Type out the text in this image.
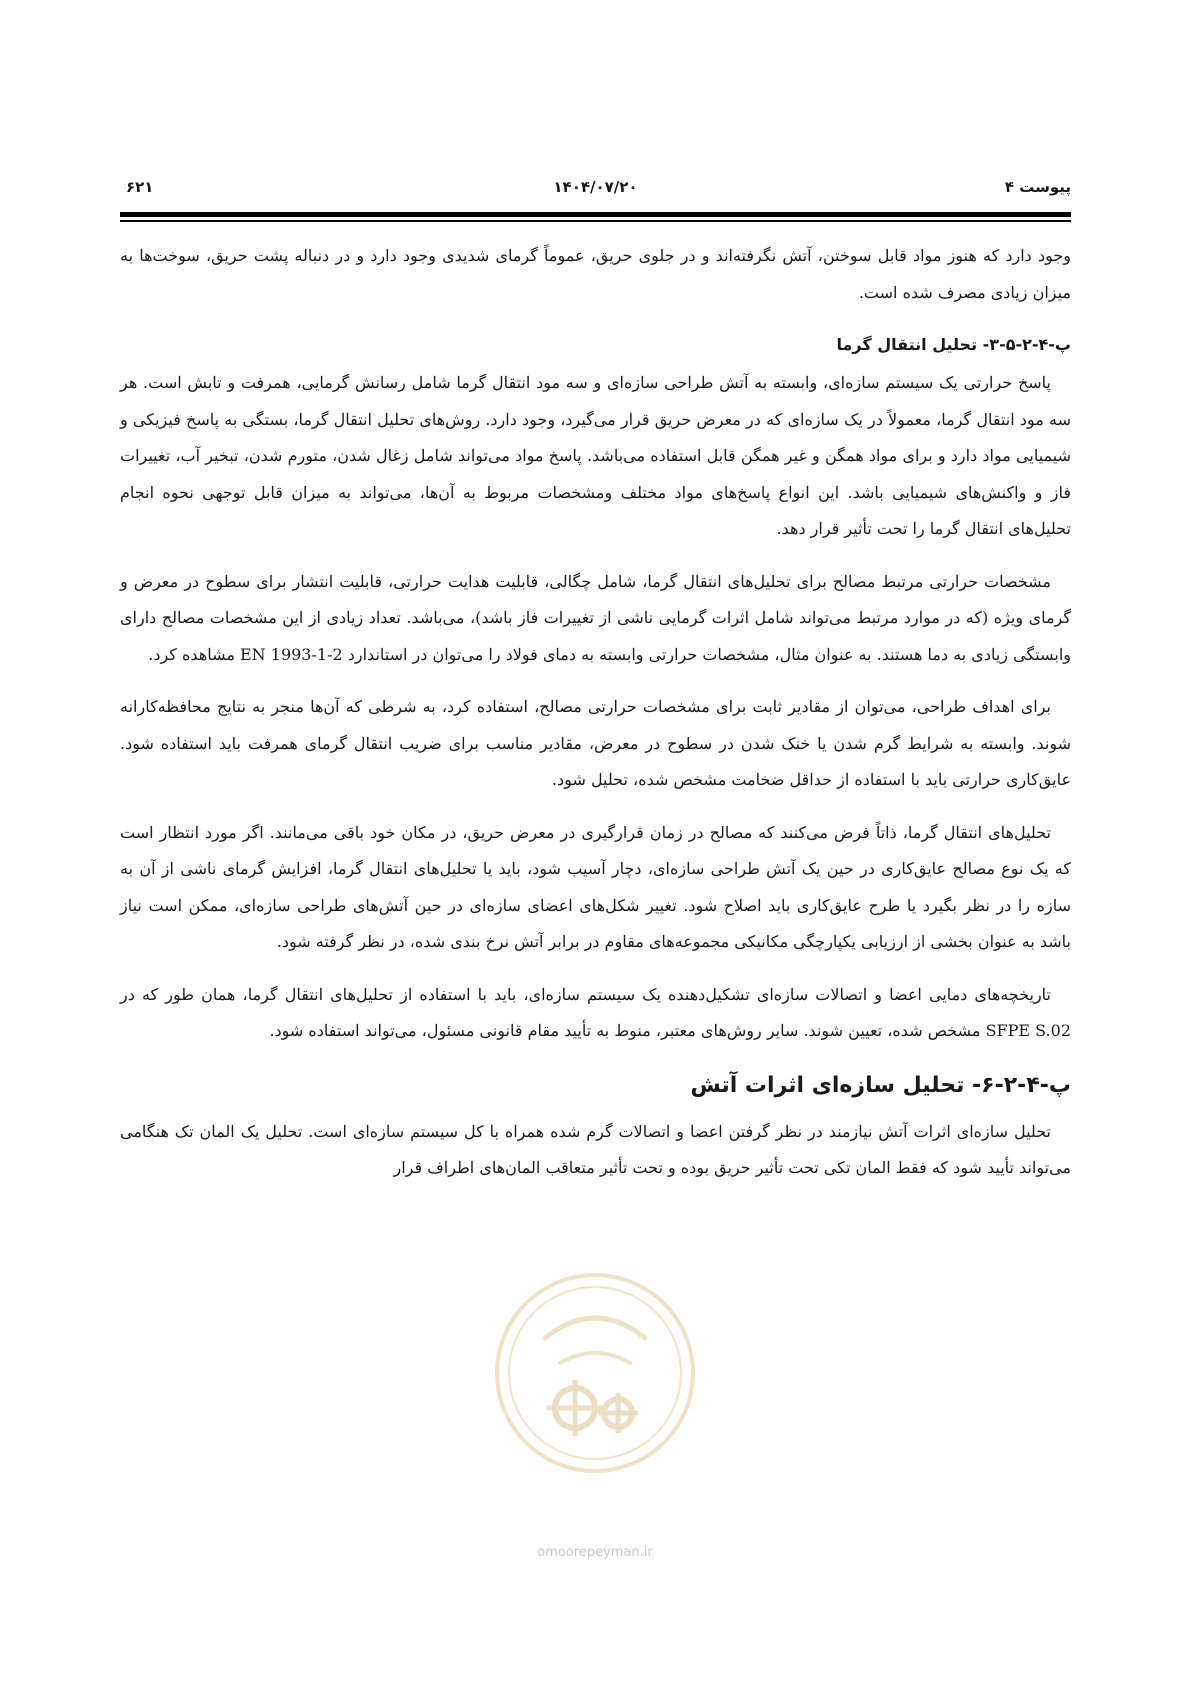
پیوست ۴
۱۴۰۴/۰۷/۲۰
۶۲۱

وجود دارد که هنوز مواد قابل سوختن، آتش نگرفته‌اند و در جلوی حریق، عموماً گرمای شدیدی وجود دارد و در دنباله پشت حریق، سوخت‌ها به میزان زیادی مصرف شده است.

پ-۴-۲-۵-۳- تحلیل انتقال گرما

پاسخ حرارتی یک سیستم سازه‌ای، وابسته به آتش طراحی سازه‌ای و سه مود انتقال گرما شامل رسانش گرمایی، همرفت و تابش است. هر سه مود انتقال گرما، معمولاً در یک سازه‌ای که در معرض حریق قرار می‌گیرد، وجود دارد. روش‌های تحلیل انتقال گرما، بستگی به پاسخ فیزیکی و شیمیایی مواد دارد و برای مواد همگن و غیر همگن قابل استفاده می‌باشد. پاسخ مواد می‌تواند شامل زغال شدن، متورم شدن، تبخیر آب، تغییرات فاز و واکنش‌های شیمیایی باشد. این انواع پاسخ‌های مواد مختلف ومشخصات مربوط به آن‌ها، می‌تواند به میزان قابل توجهی نحوه انجام تحلیل‌های انتقال گرما را تحت تأثیر قرار دهد.

مشخصات حرارتی مرتبط مصالح برای تحلیل‌های انتقال گرما، شامل چگالی، قابلیت هدایت حرارتی، قابلیت انتشار برای سطوح در معرض و گرمای ویژه (که در موارد مرتبط می‌تواند شامل اثرات گرمایی ناشی از تغییرات فاز باشد)، می‌باشد. تعداد زیادی از این مشخصات مصالح دارای وابستگی زیادی به دما هستند. به عنوان مثال، مشخصات حرارتی وابسته به دمای فولاد را می‌توان در استاندارد EN 1993-1-2 مشاهده کرد.

برای اهداف طراحی، می‌توان از مقادیر ثابت برای مشخصات حرارتی مصالح، استفاده کرد، به شرطی که آن‌ها منجر به نتایج محافظه‌کارانه شوند. وابسته به شرایط گرم شدن یا خنک شدن در سطوح در معرض، مقادیر مناسب برای ضریب انتقال گرمای همرفت باید استفاده شود. عایق‌کاری حرارتی باید با استفاده از حداقل ضخامت مشخص شده، تحلیل شود.

تحلیل‌های انتقال گرما، ذاتاً فرض می‌کنند که مصالح در زمان قرارگیری در معرض حریق، در مکان خود باقی می‌مانند. اگر مورد انتظار است که یک نوع مصالح عایق‌کاری در حین یک آتش طراحی سازه‌ای، دچار آسیب شود، باید یا تحلیل‌های انتقال گرما، افزایش گرمای ناشی از آن به سازه را در نظر بگیرد یا طرح عایق‌کاری باید اصلاح شود. تغییر شکل‌های اعضای سازه‌ای در حین آتش‌های طراحی سازه‌ای، ممکن است نیاز باشد به عنوان بخشی از ارزیابی یکپارچگی مکانیکی مجموعه‌های مقاوم در برابر آتش نرخ بندی شده، در نظر گرفته شود.

تاریخچه‌های دمایی اعضا و اتصالات سازه‌ای تشکیل‌دهنده یک سیستم سازه‌ای، باید با استفاده از تحلیل‌های انتقال گرما، همان طور که در SFPE S.02 مشخص شده، تعیین شوند. سایر روش‌های معتبر، منوط به تأیید مقام قانونی مسئول، می‌تواند استفاده شود.

پ-۴-۲-۶- تحلیل سازه‌ای اثرات آتش

تحلیل سازه‌ای اثرات آتش نیازمند در نظر گرفتن اعضا و اتصالات گرم شده همراه با کل سیستم سازه‌ای است. تحلیل یک المان تک هنگامی می‌تواند تأیید شود که فقط المان تکی تحت تأثیر حریق بوده و تحت تأثیر متعاقب المان‌های اطراف قرار

omoorepeyman.ir
